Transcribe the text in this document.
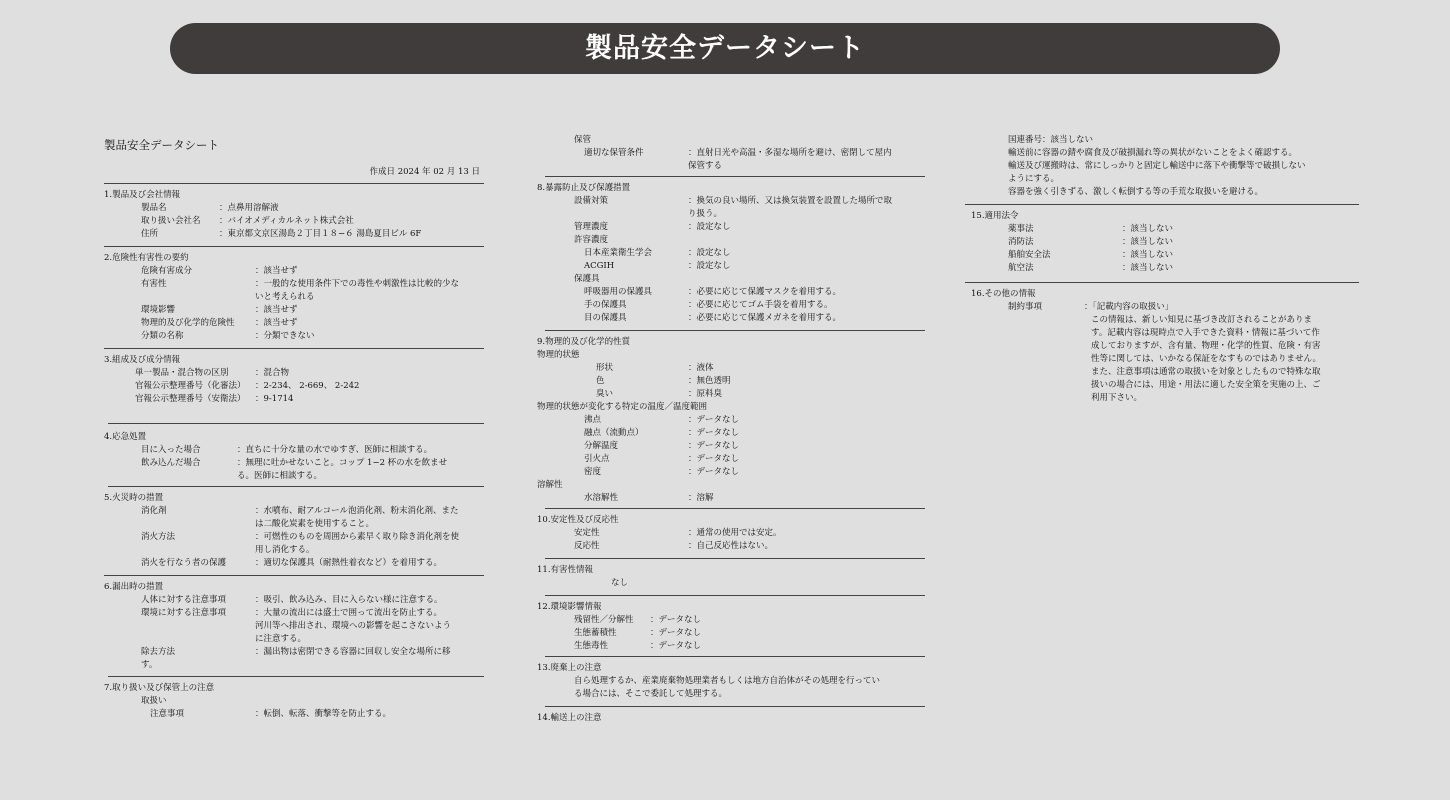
製品安全データシート
製品安全データシート
作成日 2024 年 02 月 13 日
1.製品及び会社情報
製品名	：点鼻用溶解液
取り扱い会社名	：バイオメディカルネット株式会社
住所	：東京都文京区湯島２丁目１８−６ 湯島夏目ビル 6F
2.危険性有害性の要約
危険有害成分	：該当せず
有害性	：一般的な使用条件下での毒性や刺激性は比較的少な
いと考えられる
環境影響	：該当せず
物理的及び化学的危険性	：該当せず
分類の名称	：分類できない
3.組成及び成分情報
単一製品・混合物の区別	：混合物
官報公示整理番号（化審法）	：2-234、 2-669、 2-242
官報公示整理番号（安衛法）	：9-1714
4.応急処置
目に入った場合	：直ちに十分な量の水でゆすぎ、医師に相談する。
飲み込んだ場合	：無理に吐かせないこと。コップ 1−2 杯の水を飲ませ
る。医師に相談する。
5.火災時の措置
消化剤	：水噴布、耐アルコール泡消化剤、粉末消化剤、また
は二酸化炭素を使用すること。
消火方法	：可燃性のものを周囲から素早く取り除き消化剤を使
用し消化する。
消火を行なう者の保護	：適切な保護具（耐熱性着衣など）を着用する。
6.漏出時の措置
人体に対する注意事項	：吸引、飲み込み、目に入らない様に注意する。
環境に対する注意事項	：大量の流出には盛土で囲って流出を防止する。
河川等へ排出され、環境への影響を起こさないよう
に注意する。
除去方法	：漏出物は密閉できる容器に回収し安全な場所に移
す。
7.取り扱い及び保管上の注意
取扱い
注意事項	：転倒、転落、衝撃等を防止する。
保管
適切な保管条件	：直射日光や高温・多湿な場所を避け、密閉して屋内
保管する
8.暴露防止及び保護措置
設備対策	：換気の良い場所、又は換気装置を設置した場所で取
り扱う。
管理濃度	：設定なし
許容濃度
日本産業衛生学会	：設定なし
ACGIH	：設定なし
保護具
呼吸器用の保護具	：必要に応じて保護マスクを着用する。
手の保護具	：必要に応じてゴム手袋を着用する。
目の保護具	：必要に応じて保護メガネを着用する。
9.物理的及び化学的性質
物理的状態
形状	：液体
色	：無色透明
臭い	：原料臭
物理的状態が変化する特定の温度／温度範囲
沸点	：データなし
融点（流動点）	：データなし
分解温度	：データなし
引火点	：データなし
密度	：データなし
溶解性
水溶解性	：溶解
10.安定性及び反応性
安定性	：通常の使用では安定。
反応性	：自己反応性はない。
11.有害性情報
なし
12.環境影響情報
残留性／分解性	：データなし
生態蓄積性	：データなし
生態毒性	：データなし
13.廃棄上の注意
自ら処理するか、産業廃棄物処理業者もしくは地方自治体がその処理を行ってい
る場合には、そこで委託して処理する。
14.輸送上の注意
国連番号：該当しない
輸送前に容器の錆や腐食及び破損漏れ等の異状がないことをよく確認する。
輸送及び運搬時は、常にしっかりと固定し輸送中に落下や衝撃等で破損しない
ようにする。
容器を強く引きずる、激しく転倒する等の手荒な取扱いを避ける。
15.適用法令
薬事法	：該当しない
消防法	：該当しない
船舶安全法	：該当しない
航空法	：該当しない
16.その他の情報
制約事項	：「記載内容の取扱い」
この情報は、新しい知見に基づき改訂されることがありま
す。記載内容は現時点で入手できた資料・情報に基づいて作
成しておりますが、含有量、物理・化学的性質、危険・有害
性等に関しては、いかなる保証をなすものではありません。
また、注意事項は通常の取扱いを対象としたもので特殊な取
扱いの場合には、用途・用法に適した安全策を実施の上、ご
利用下さい。
